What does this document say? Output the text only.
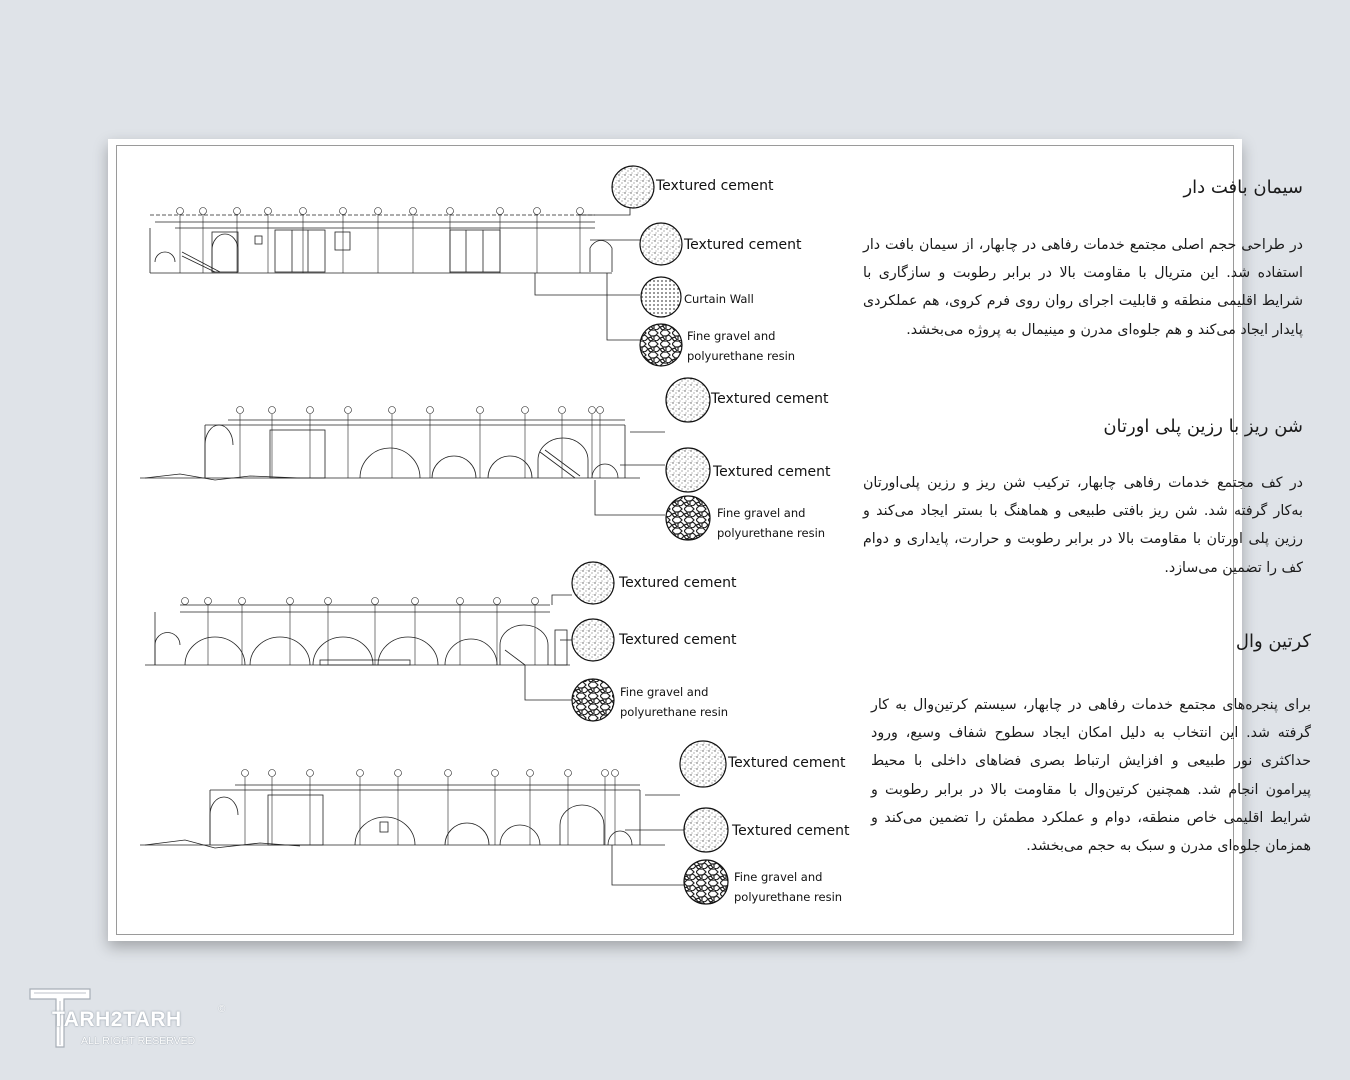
سیمان بافت دار
در طراحی حجم اصلی مجتمع خدمات رفاهی در چابهار، از سیمان بافت دار استفاده شد. این متریال با مقاومت بالا در برابر رطوبت و سازگاری با شرایط اقلیمی منطقه و قابلیت اجرای روان روی فرم کروی، هم عملکردی پایدار ایجاد می‌کند و هم جلوه‌ای مدرن و مینیمال به پروژه می‌بخشد.
شن ریز با رزین پلی اورتان
در کف مجتمع خدمات رفاهی چابهار، ترکیب شن ریز و رزین پلی‌اورتان به‌کار گرفته شد. شن ریز بافتی طبیعی و هماهنگ با بستر ایجاد می‌کند و رزین پلی اورتان با مقاومت بالا در برابر رطوبت و حرارت، پایداری و دوام کف را تضمین می‌سازد.
کرتین وال
برای پنجره‌های مجتمع خدمات رفاهی در چابهار، سیستم کرتین‌وال به کار گرفته شد. این انتخاب به دلیل امکان ایجاد سطوح شفاف وسیع، ورود حداکثری نور طبیعی و افزایش ارتباط بصری فضاهای داخلی با محیط پیرامون انجام شد. همچنین کرتین‌وال با مقاومت بالا در برابر رطوبت و شرایط اقلیمی خاص منطقه، دوام و عملکرد مطمئن را تضمین می‌کند و همزمان جلوه‌ای مدرن و سبک به حجم می‌بخشد.
Textured cement
Textured cement
Curtain Wall
Fine gravel and polyurethane resin
Textured cement
Textured cement
Fine gravel and polyurethane resin
Textured cement
Textured cement
Fine gravel and polyurethane resin
Textured cement
Textured cement
Fine gravel and polyurethane resin
TARH2TARH
ALL RIGHT RESERVED
©
